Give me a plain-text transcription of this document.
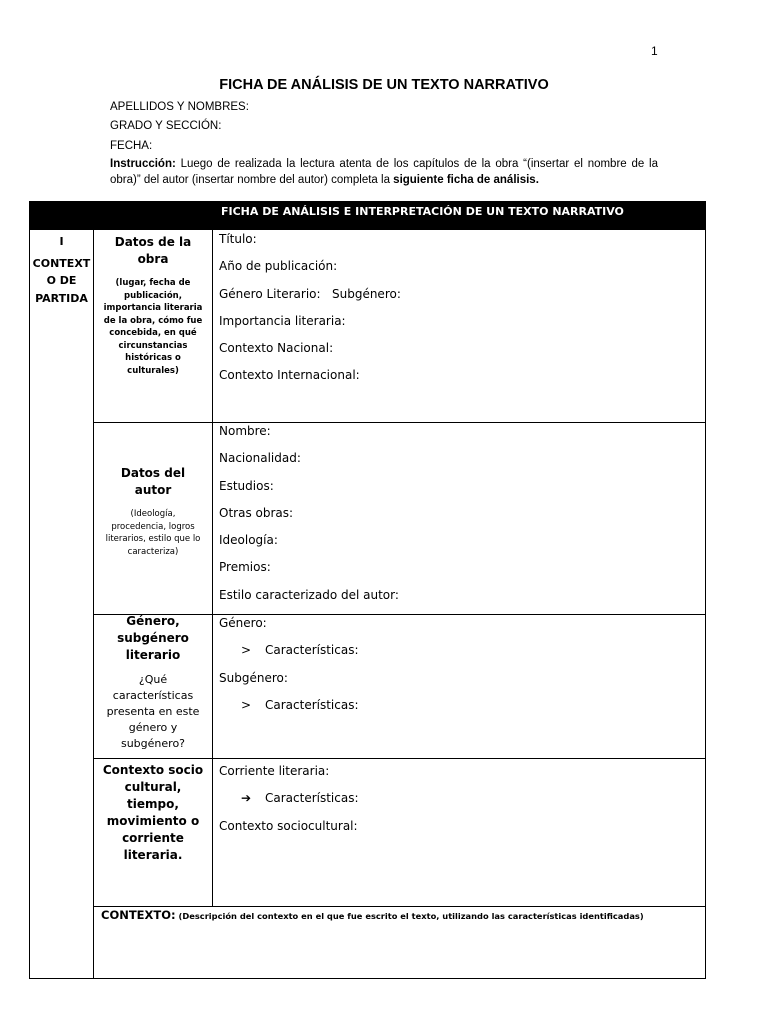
1
FICHA DE ANÁLISIS DE UN TEXTO NARRATIVO
APELLIDOS Y NOMBRES:
GRADO Y SECCIÓN:
FECHA:
Instrucción: Luego de realizada la lectura atenta de los capítulos de la obra “(insertar el nombre de la obra)” del autor (insertar nombre del autor) completa la siguiente ficha de análisis.
FICHA DE ANÁLISIS E INTERPRETACIÓN DE UN TEXTO NARRATIVO
I
CONTEXT
O DE
PARTIDA
Datos de la
obra
(lugar, fecha de publicación, importancia literaria de la obra, cómo fue concebida, en qué circunstancias históricas o culturales)
Título:
Año de publicación:
Género Literario:   Subgénero:
Importancia literaria:
Contexto Nacional:
Contexto Internacional:
Datos del
autor
(Ideología, procedencia, logros literarios, estilo que lo caracteriza)
Nombre:
Nacionalidad:
Estudios:
Otras obras:
Ideología:
Premios:
Estilo caracterizado del autor:
Género,
subgénero
literario
¿Qué características presenta en este género y subgénero?
Género:
> Características:
Subgénero:
> Características:
Contexto socio
cultural,
tiempo,
movimiento o
corriente
literaria.
Corriente literaria:
➔ Características:
Contexto sociocultural:
CONTEXTO: (Descripción del contexto en el que fue escrito el texto, utilizando las características identificadas)
